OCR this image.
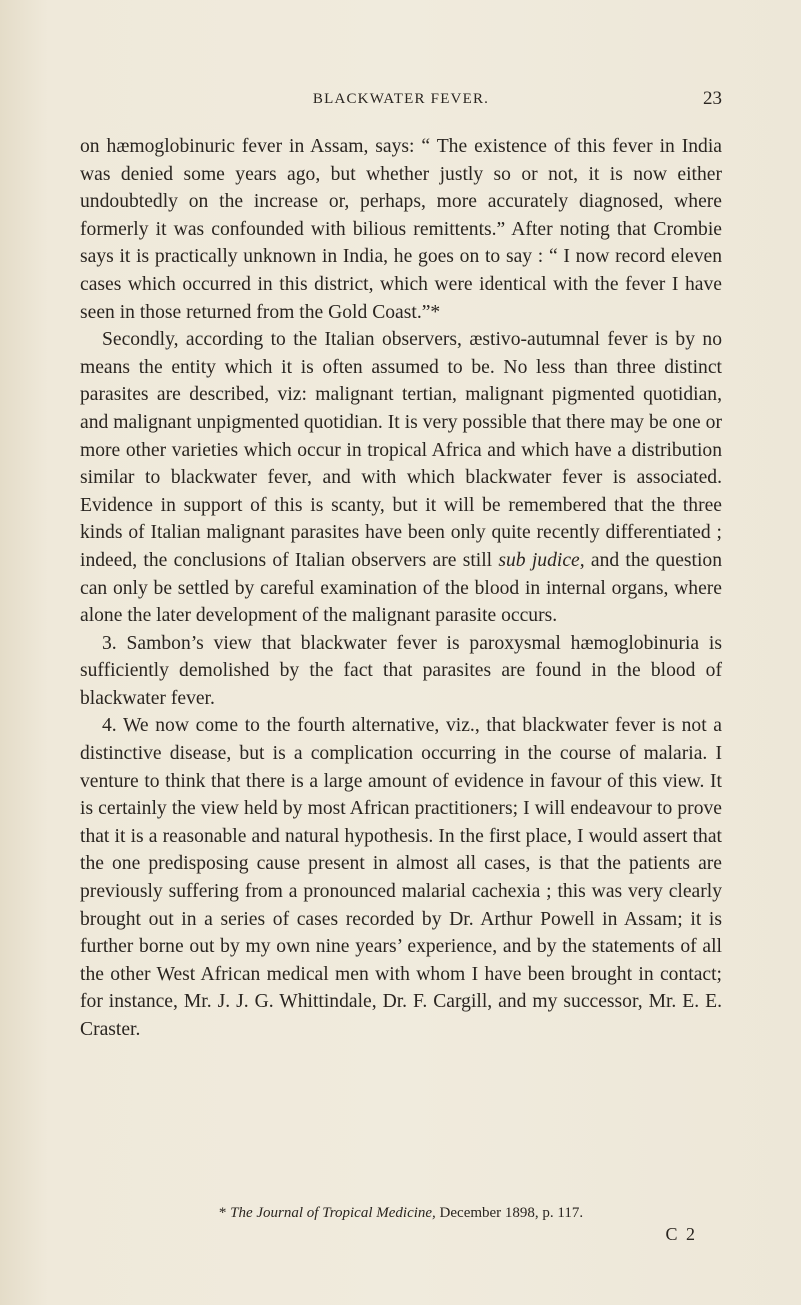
BLACKWATER FEVER.	23

on hæmoglobinuric fever in Assam, says: “ The existence of this fever in India was denied some years ago, but whether justly so or not, it is now either undoubtedly on the increase or, perhaps, more accurately diagnosed, where formerly it was confounded with bilious remittents.” After noting that Crombie says it is practically unknown in India, he goes on to say : “ I now record eleven cases which occurred in this district, which were identical with the fever I have seen in those returned from the Gold Coast.”*

Secondly, according to the Italian observers, æstivo-autumnal fever is by no means the entity which it is often assumed to be. No less than three distinct parasites are described, viz: malignant tertian, malignant pigmented quotidian, and malignant unpigmented quotidian. It is very possible that there may be one or more other varieties which occur in tropical Africa and which have a distribution similar to blackwater fever, and with which blackwater fever is associated. Evidence in support of this is scanty, but it will be remembered that the three kinds of Italian malignant parasites have been only quite recently differentiated ; indeed, the conclusions of Italian observers are still sub judice, and the question can only be settled by careful examination of the blood in internal organs, where alone the later development of the malignant parasite occurs.

3. Sambon’s view that blackwater fever is paroxysmal hæmoglobinuria is sufficiently demolished by the fact that parasites are found in the blood of blackwater fever.

4. We now come to the fourth alternative, viz., that blackwater fever is not a distinctive disease, but is a complication occurring in the course of malaria. I venture to think that there is a large amount of evidence in favour of this view. It is certainly the view held by most African practitioners; I will endeavour to prove that it is a reasonable and natural hypothesis. In the first place, I would assert that the one predisposing cause present in almost all cases, is that the patients are previously suffering from a pronounced malarial cachexia ; this was very clearly brought out in a series of cases recorded by Dr. Arthur Powell in Assam; it is further borne out by my own nine years’ experience, and by the statements of all the other West African medical men with whom I have been brought in contact; for instance, Mr. J. J. G. Whittindale, Dr. F. Cargill, and my successor, Mr. E. E. Craster.

* The Journal of Tropical Medicine, December 1898, p. 117.
C 2
